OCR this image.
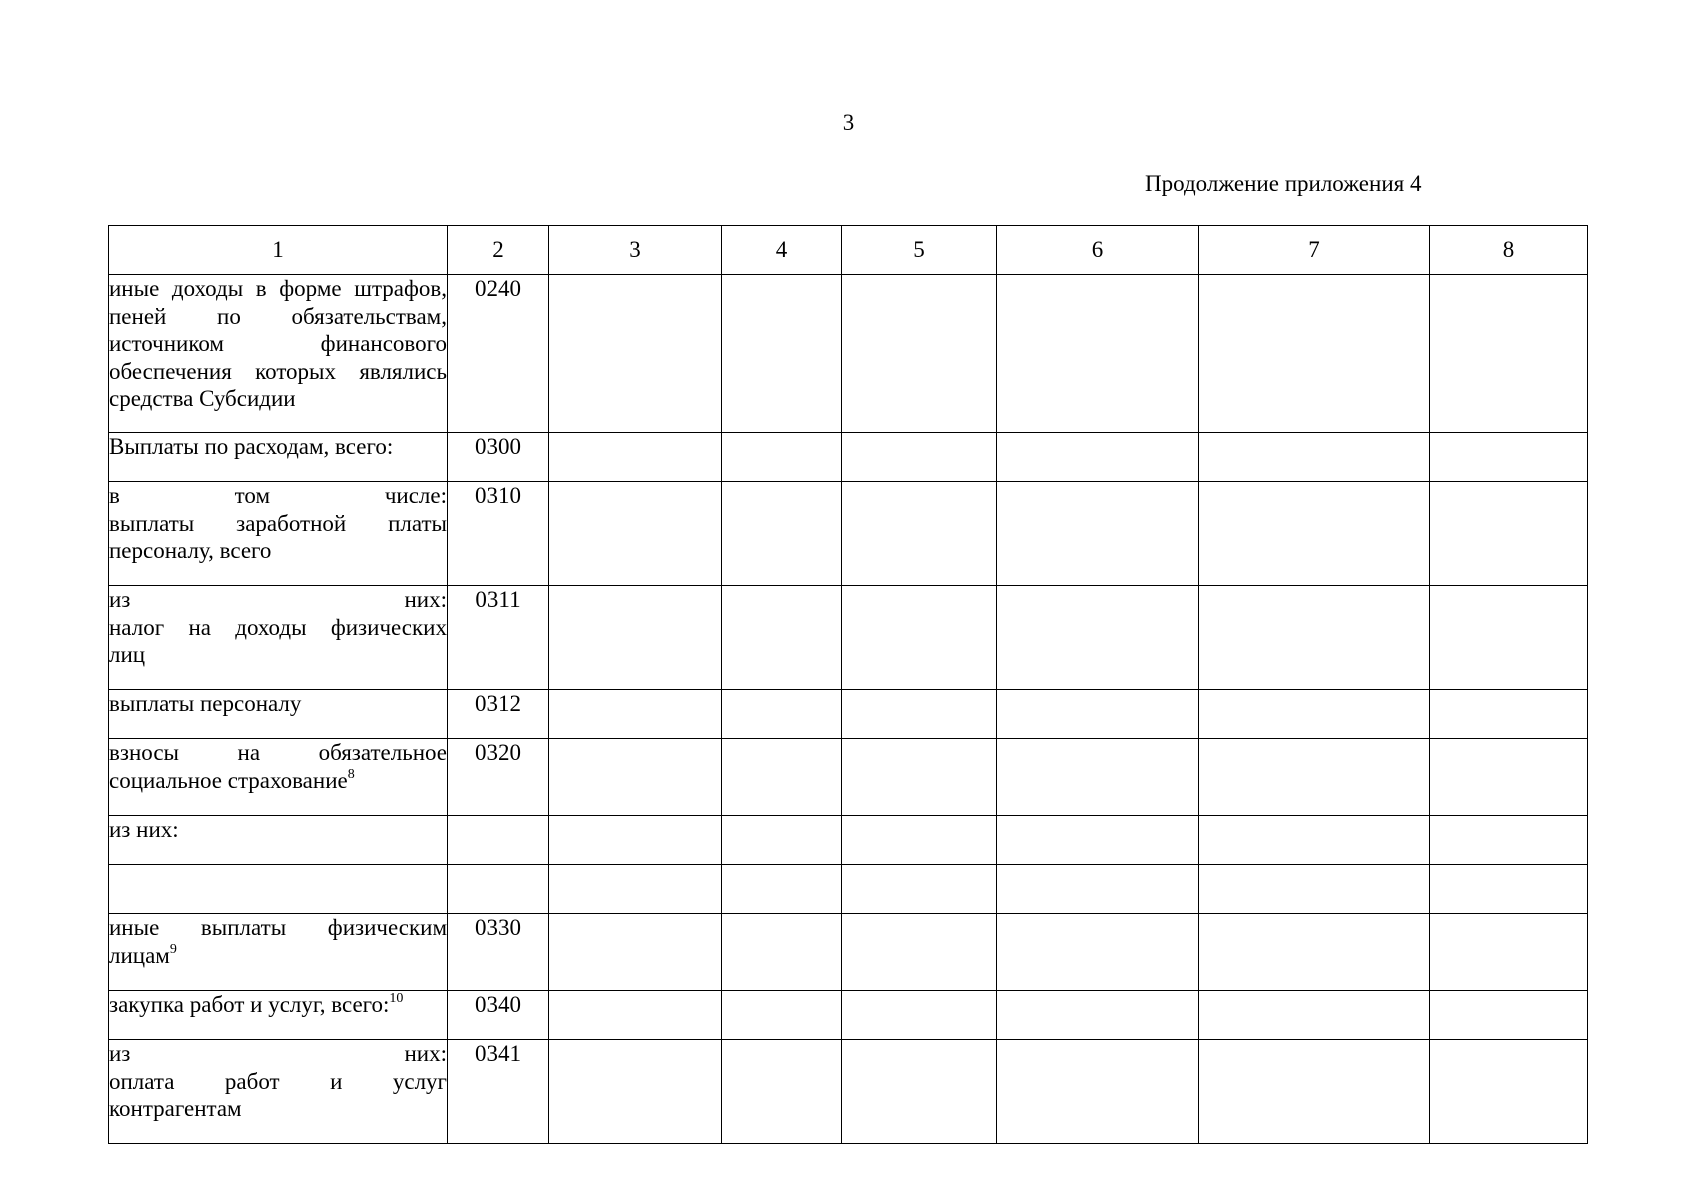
3
Продолжение приложения 4
1	2	3	4	5	6	7	8

иные доходы в форме штрафов,
пеней по обязательствам,
источником финансового
обеспечения которых являлись
средства Субсидии	0240						

Выплаты по расходам, всего:	0300						

в том числе:
выплаты заработной платы
персоналу, всего	0310						

из них:
налог на доходы физических
лиц	0311						

выплаты персоналу	0312						

взносы на обязательное
социальное страхование$^8$	0320						

из них:							

иные выплаты физическим
лицам$^9$	0330						

закупка работ и услуг, всего:$^{10}$	0340						

из них:
оплата работ и услуг
контрагентам	0341						
